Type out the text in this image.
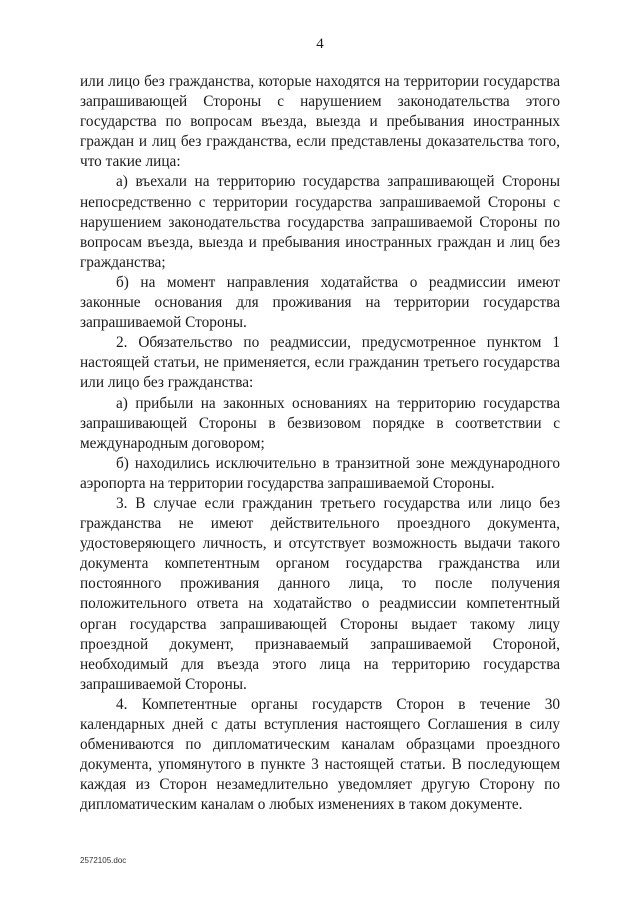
4

или лицо без гражданства, которые находятся на территории государства запрашивающей Стороны с нарушением законодательства этого государства по вопросам въезда, выезда и пребывания иностранных граждан и лиц без гражданства, если представлены доказательства того, что такие лица:

а) въехали на территорию государства запрашивающей Стороны непосредственно с территории государства запрашиваемой Стороны с нарушением законодательства государства запрашиваемой Стороны по вопросам въезда, выезда и пребывания иностранных граждан и лиц без гражданства;

б) на момент направления ходатайства о реадмиссии имеют законные основания для проживания на территории государства запрашиваемой Стороны.

2. Обязательство по реадмиссии, предусмотренное пунктом 1 настоящей статьи, не применяется, если гражданин третьего государства или лицо без гражданства:

а) прибыли на законных основаниях на территорию государства запрашивающей Стороны в безвизовом порядке в соответствии с международным договором;

б) находились исключительно в транзитной зоне международного аэропорта на территории государства запрашиваемой Стороны.

3. В случае если гражданин третьего государства или лицо без гражданства не имеют действительного проездного документа, удостоверяющего личность, и отсутствует возможность выдачи такого документа компетентным органом государства гражданства или постоянного проживания данного лица, то после получения положительного ответа на ходатайство о реадмиссии компетентный орган государства запрашивающей Стороны выдает такому лицу проездной документ, признаваемый запрашиваемой Стороной, необходимый для въезда этого лица на территорию государства запрашиваемой Стороны.

4. Компетентные органы государств Сторон в течение 30 календарных дней с даты вступления настоящего Соглашения в силу обмениваются по дипломатическим каналам образцами проездного документа, упомянутого в пункте 3 настоящей статьи. В последующем каждая из Сторон незамедлительно уведомляет другую Сторону по дипломатическим каналам о любых изменениях в таком документе.

2572105.doc
